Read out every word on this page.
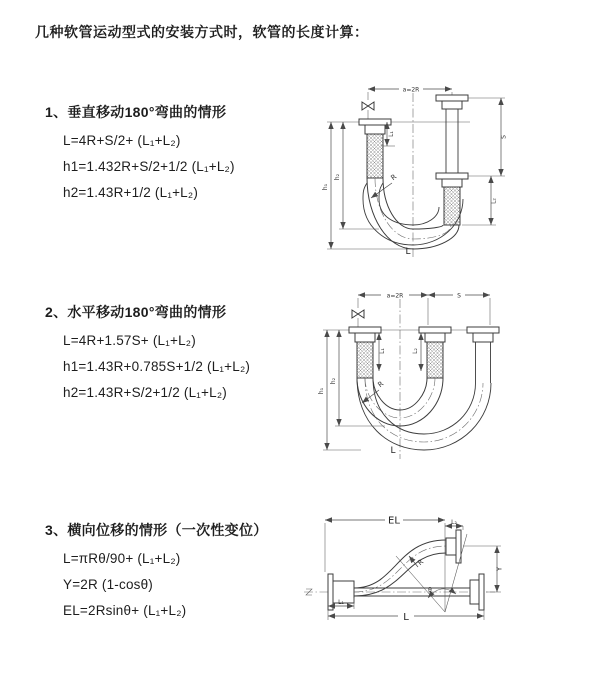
几种软管运动型式的安装方式时，软管的长度计算：
1、垂直移动180°弯曲的情形
L=4R+S/2+ (L₁+L₂)
h1=1.432R+S/2+1/2 (L₁+L₂)
h2=1.43R+1/2 (L₁+L₂)
2、水平移动180°弯曲的情形
L=4R+1.57S+ (L₁+L₂)
h1=1.43R+0.785S+1/2 (L₁+L₂)
h2=1.43R+S/2+1/2 (L₁+L₂)
3、横向位移的情形（一次性变位）
L=πRθ/90+ (L₁+L₂)
Y=2R (1-cosθ)
EL=2Rsinθ+ (L₁+L₂)
a=2R
L₁
S
L₂
h₁
h₂	R
L
a=2R	S
L₁	L₂
h₁
h₂	R
L
EL	L₂
Y
θ
R
L₁
L
